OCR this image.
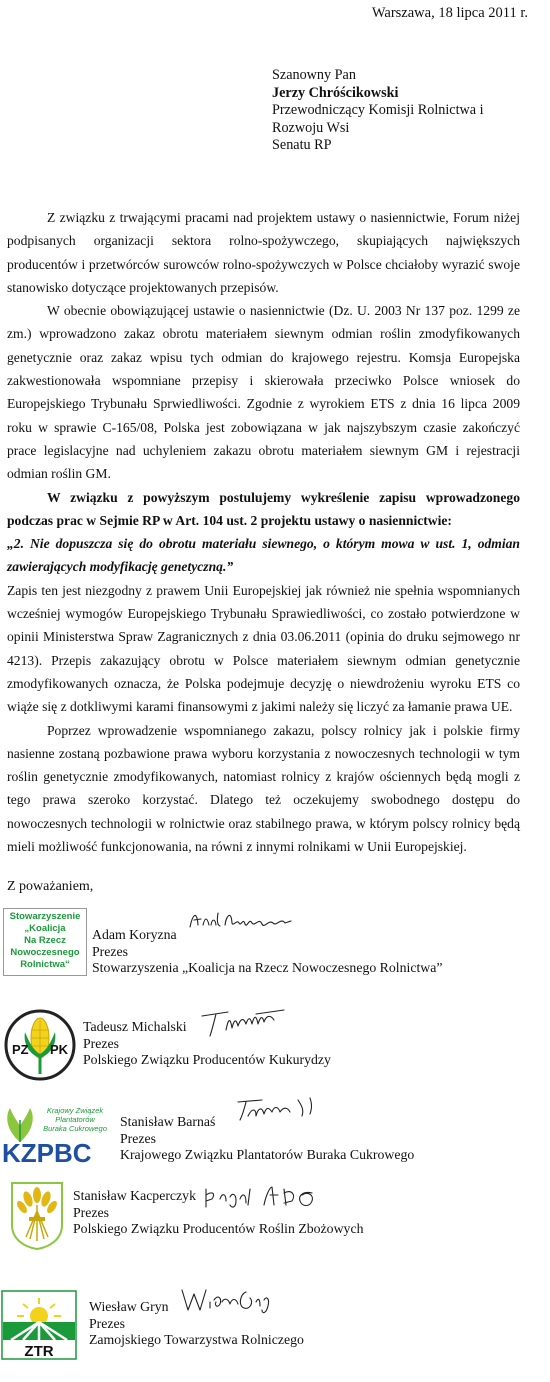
Warszawa, 18 lipca 2011 r.
Szanowny Pan
Jerzy Chróścikowski
Przewodniczący Komisji Rolnictwa i
Rozwoju Wsi
Senatu RP

Z związku z trwającymi pracami nad projektem ustawy o nasiennictwie, Forum niżej podpisanych organizacji sektora rolno-spożywczego, skupiających największych producentów i przetwórców surowców rolno-spożywczych w Polsce chciałoby wyrazić swoje stanowisko dotyczące projektowanych przepisów.

W obecnie obowiązującej ustawie o nasiennictwie (Dz. U. 2003 Nr 137 poz. 1299 ze zm.) wprowadzono zakaz obrotu materiałem siewnym odmian roślin zmodyfikowanych genetycznie oraz zakaz wpisu tych odmian do krajowego rejestru. Komsja Europejska zakwestionowała wspomniane przepisy i skierowała przeciwko Polsce wniosek do Europejskiego Trybunału Sprwiedliwości. Zgodnie z wyrokiem ETS z dnia 16 lipca 2009 roku w sprawie C-165/08, Polska jest zobowiązana w jak najszybszym czasie zakończyć prace legislacyjne nad uchyleniem zakazu obrotu materiałem siewnym GM i rejestracji odmian roślin GM.

W związku z powyższym postulujemy wykreślenie zapisu wprowadzonego podczas prac w Sejmie RP w Art. 104 ust. 2 projektu ustawy o nasiennictwie:

„2. Nie dopuszcza się do obrotu materiału siewnego, o którym mowa w ust. 1, odmian zawierających modyfikację genetyczną.”

Zapis ten jest niezgodny z prawem Unii Europejskiej jak również nie spełnia wspomnianych wcześniej wymogów Europejskiego Trybunału Sprawiedliwości, co zostało potwierdzone w opinii Ministerstwa Spraw Zagranicznych z dnia 03.06.2011 (opinia do druku sejmowego nr 4213). Przepis zakazujący obrotu w Polsce materiałem siewnym odmian genetycznie zmodyfikowanych oznacza, że Polska podejmuje decyzję o niewdrożeniu wyroku ETS co wiąże się z dotkliwymi karami finansowymi z jakimi należy się liczyć za łamanie prawa UE.

Poprzez wprowadzenie wspomnianego zakazu, polscy rolnicy jak i polskie firmy nasienne zostaną pozbawione prawa wyboru korzystania z nowoczesnych technologii w tym roślin genetycznie zmodyfikowanych, natomiast rolnicy z krajów ościennych będą mogli z tego prawa szeroko korzystać. Dlatego też oczekujemy swobodnego dostępu do nowoczesnych technologii w rolnictwie oraz stabilnego prawa, w którym polscy rolnicy będą mieli możliwość funkcjonowania, na równi z innymi rolnikami w Unii Europejskiej.

Z poważaniem,
Stowarzyszenie
„Koalicja
Na Rzecz
Nowoczesnego
Rolnictwa“
Adam Koryzna
Prezes
Stowarzyszenia „Koalicja na Rzecz Nowoczesnego Rolnictwa”
PZ PK
Tadeusz Michalski
Prezes
Polskiego Związku Producentów Kukurydzy
Krajowy Związek
Plantatorów
Buraka Cukrowego
KZPBC
Stanisław Barnaś
Prezes
Krajowego Związku Plantatorów Buraka Cukrowego
Stanisław Kacperczyk
Prezes
Polskiego Związku Producentów Roślin Zbożowych
ZTR
Wiesław Gryn
Prezes
Zamojskiego Towarzystwa Rolniczego
